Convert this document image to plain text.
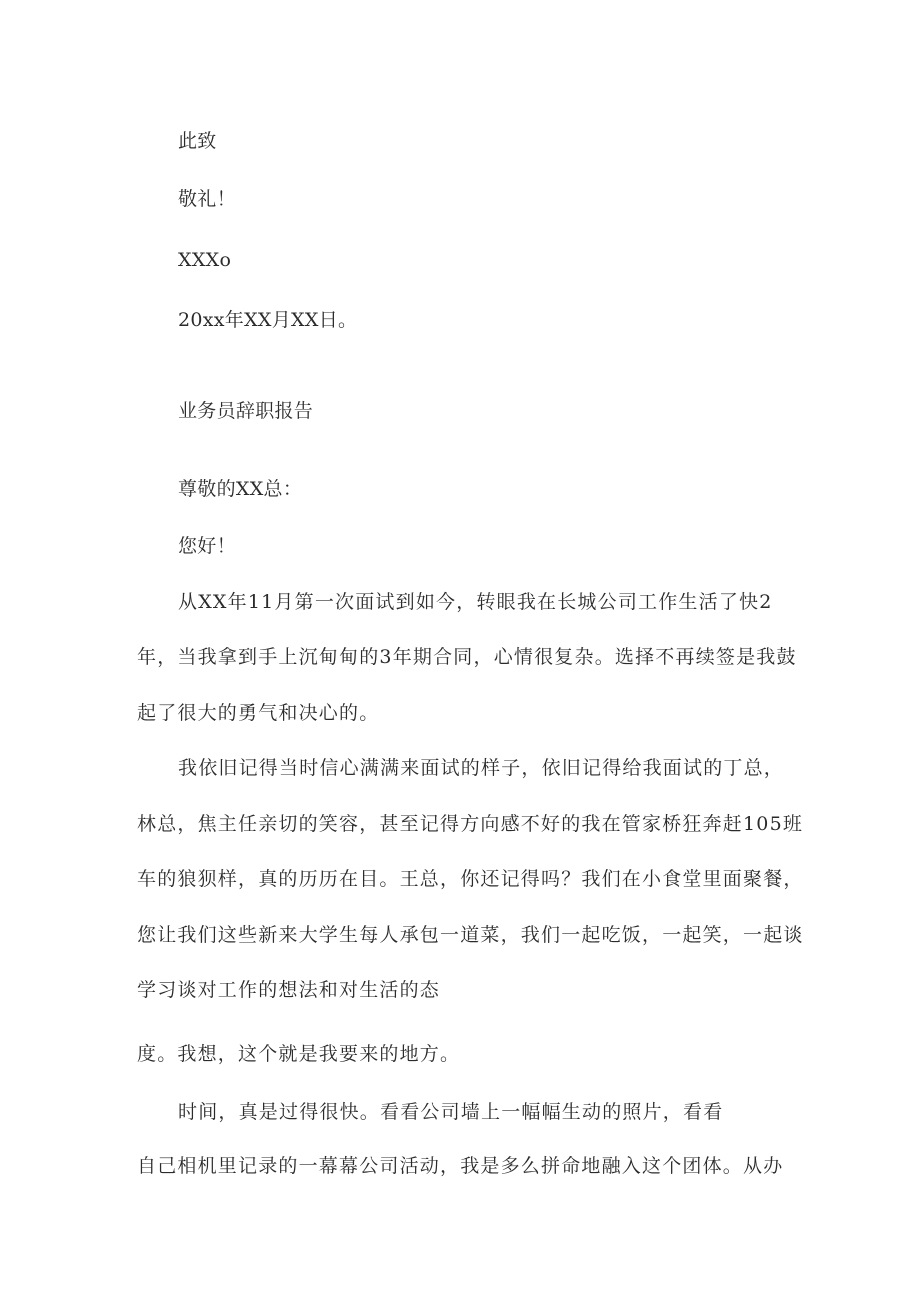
此致

敬礼！

XXXo

20xx年XX月XX日。

业务员辞职报告

尊敬的XX总：

您好！

从XX年11月第一次面试到如今，转眼我在长城公司工作生活了快2

年，当我拿到手上沉甸甸的3年期合同，心情很复杂。选择不再续签是我鼓

起了很大的勇气和决心的。

我依旧记得当时信心满满来面试的样子，依旧记得给我面试的丁总，

林总，焦主任亲切的笑容，甚至记得方向感不好的我在管家桥狂奔赶105班

车的狼狈样，真的历历在目。王总，你还记得吗？我们在小食堂里面聚餐，

您让我们这些新来大学生每人承包一道菜，我们一起吃饭，一起笑，一起谈

学习谈对工作的想法和对生活的态

度。我想，这个就是我要来的地方。

时间，真是过得很快。看看公司墙上一幅幅生动的照片，看看

自己相机里记录的一幕幕公司活动，我是多么拼命地融入这个团体。从办
